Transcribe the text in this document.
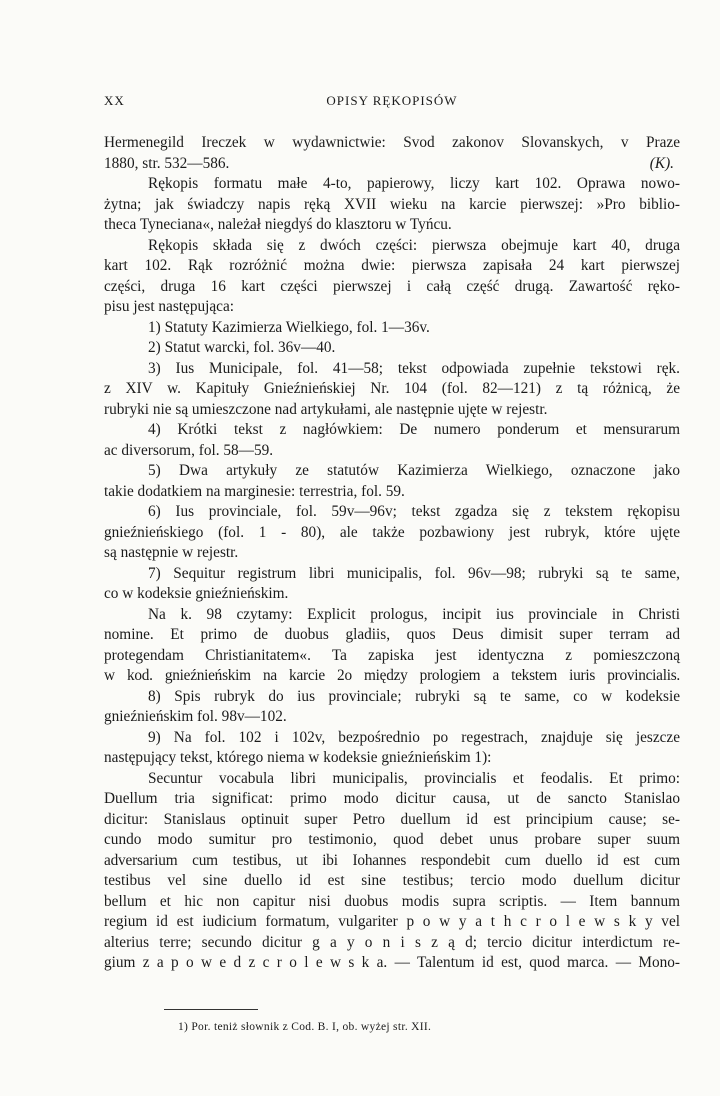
XX	OPISY RĘKOPISÓW
Hermenegild Ireczek w wydawnictwie: Svod zakonov Slovanskych, v Praze
1880, str. 532—586.	(K).
Rękopis formatu małe 4-to, papierowy, liczy kart 102. Oprawa nowo-
żytna; jak świadczy napis ręką XVII wieku na karcie pierwszej: »Pro biblio-
theca Tyneciana«, należał niegdyś do klasztoru w Tyńcu.
Rękopis składa się z dwóch części: pierwsza obejmuje kart 40, druga
kart 102. Rąk rozróżnić można dwie: pierwsza zapisała 24 kart pierwszej
części, druga 16 kart części pierwszej i całą część drugą. Zawartość ręko-
pisu jest następująca:
1) Statuty Kazimierza Wielkiego, fol. 1—36v.
2) Statut warcki, fol. 36v—40.
3) Ius Municipale, fol. 41—58; tekst odpowiada zupełnie tekstowi ręk.
z XIV w. Kapituły Gnieźnieńskiej Nr. 104 (fol. 82—121) z tą różnicą, że
rubryki nie są umieszczone nad artykułami, ale następnie ujęte w rejestr.
4) Krótki tekst z nagłówkiem: De numero ponderum et mensurarum
ac diversorum, fol. 58—59.
5) Dwa artykuły ze statutów Kazimierza Wielkiego, oznaczone jako
takie dodatkiem na marginesie: terrestria, fol. 59.
6) Ius provinciale, fol. 59v—96v; tekst zgadza się z tekstem rękopisu
gnieźnieńskiego (fol. 1 - 80), ale także pozbawiony jest rubryk, które ujęte
są następnie w rejestr.
7) Sequitur registrum libri municipalis, fol. 96v—98; rubryki są te same,
co w kodeksie gnieźnieńskim.
Na k. 98 czytamy: Explicit prologus, incipit ius provinciale in Christi
nomine. Et primo de duobus gladiis, quos Deus dimisit super terram ad
protegendam Christianitatem«. Ta zapiska jest identyczna z pomieszczoną
w kod. gnieźnieńskim na karcie 2o między prologiem a tekstem iuris provincialis.
8) Spis rubryk do ius provinciale; rubryki są te same, co w kodeksie
gnieźnieńskim fol. 98v—102.
9) Na fol. 102 i 102v, bezpośrednio po regestrach, znajduje się jeszcze
następujący tekst, którego niema w kodeksie gnieźnieńskim 1):
Secuntur vocabula libri municipalis, provincialis et feodalis. Et primo:
Duellum tria significat: primo modo dicitur causa, ut de sancto Stanislao
dicitur: Stanislaus optinuit super Petro duellum id est principium cause; se-
cundo modo sumitur pro testimonio, quod debet unus probare super suum
adversarium cum testibus, ut ibi Iohannes respondebit cum duello id est cum
testibus vel sine duello id est sine testibus; tercio modo duellum dicitur
bellum et hic non capitur nisi duobus modis supra scriptis. — Item bannum
regium id est iudicium formatum, vulgariter p o w y a t h c r o l e w s k y vel
alterius terre; secundo dicitur g a y o n i s z ą d; tercio dicitur interdictum re-
gium z a p o w e d z c r o l e w s k a. — Talentum id est, quod marca. — Mono-
1) Por. teniż słownik z Cod. B. I, ob. wyżej str. XII.
